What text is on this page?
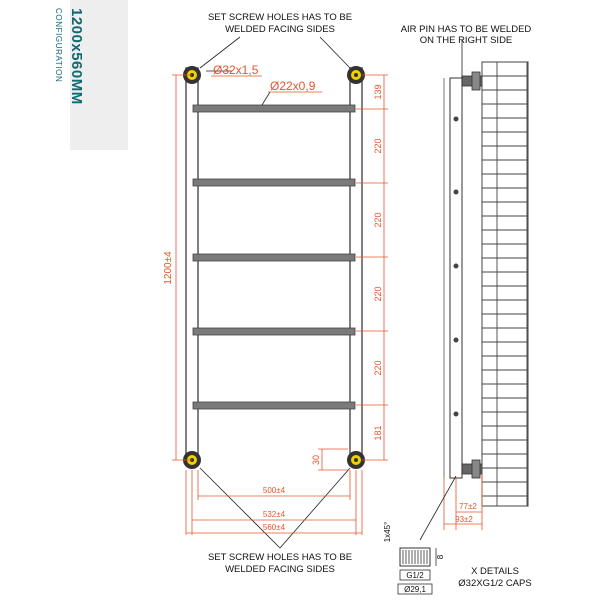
1200x560MM
CONFIGURATION	SET SCREW HOLES HAS TO BE
WELDED FACING SIDES
SET SCREW HOLES HAS TO BE
WELDED FACING SIDES
Ø32x1,5
Ø22x0,9
1200±4
139
220
220
220
220
181
30
500±4
532±4
560±4
AIR PIN HAS TO BE WELDED
ON THE RIGHT SIDE
77±2
93±2
1x45°
G1/2
Ø29,1
8
X DETAILS
Ø32XG1/2 CAPS
